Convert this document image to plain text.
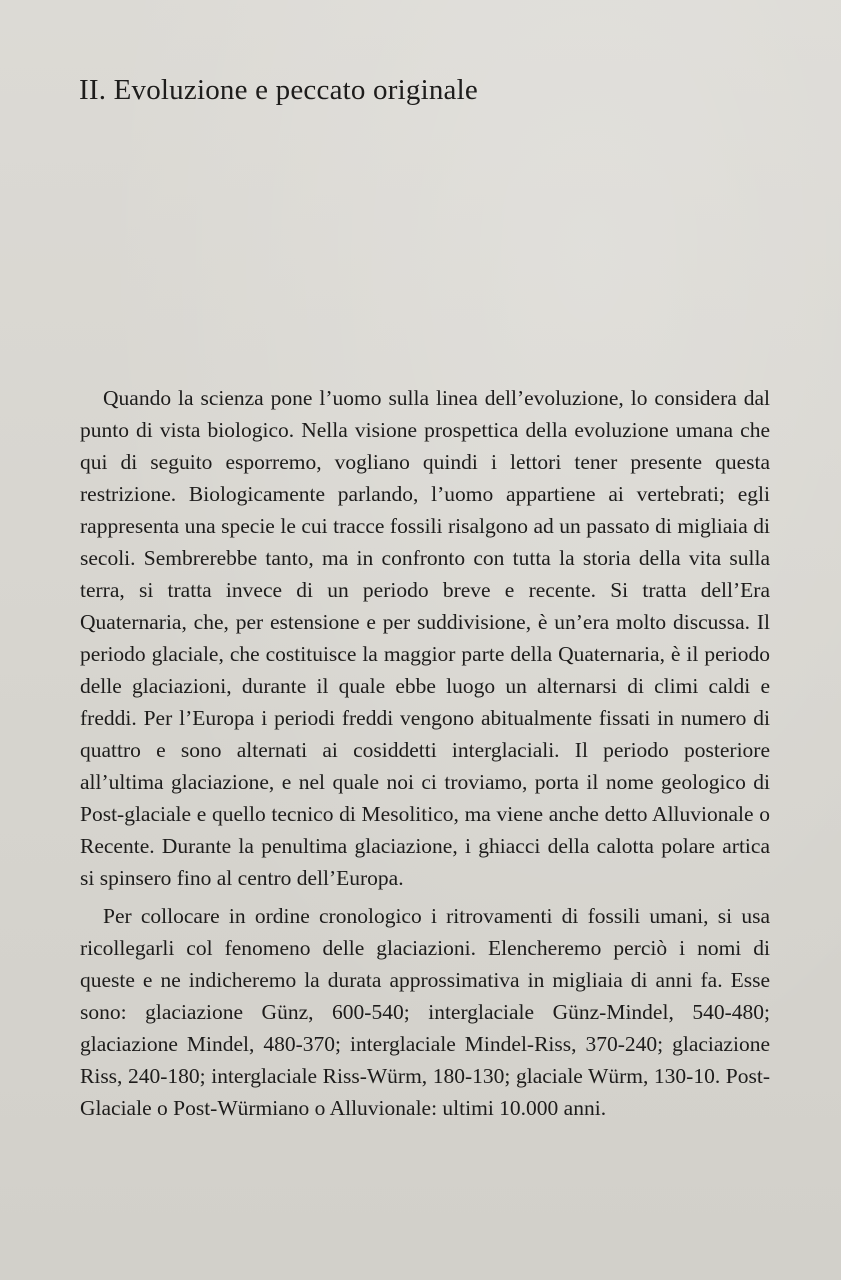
II. Evoluzione e peccato originale

Quando la scienza pone l’uomo sulla linea dell’evoluzione, lo considera dal punto di vista biologico. Nella visione prospettica della evoluzione umana che qui di seguito esporremo, vogliano quindi i lettori tener presente questa restrizione. Biologicamente parlando, l’uomo appartiene ai vertebrati; egli rappresenta una specie le cui tracce fossili risalgono ad un passato di migliaia di secoli. Sembrerebbe tanto, ma in confronto con tutta la storia della vita sulla terra, si tratta invece di un periodo breve e recente. Si tratta dell’Era Quaternaria, che, per estensione e per suddivisione, è un’era molto discussa. Il periodo glaciale, che costituisce la maggior parte della Quaternaria, è il periodo delle glaciazioni, durante il quale ebbe luogo un alternarsi di climi caldi e freddi. Per l’Europa i periodi freddi vengono abitualmente fissati in numero di quattro e sono alternati ai cosiddetti interglaciali. Il periodo posteriore all’ultima glaciazione, e nel quale noi ci troviamo, porta il nome geologico di Post-glaciale e quello tecnico di Mesolitico, ma viene anche detto Alluvionale o Recente. Durante la penultima glaciazione, i ghiacci della calotta polare artica si spinsero fino al centro dell’Europa.

Per collocare in ordine cronologico i ritrovamenti di fossili umani, si usa ricollegarli col fenomeno delle glaciazioni. Elencheremo perciò i nomi di queste e ne indicheremo la durata approssimativa in migliaia di anni fa. Esse sono: glaciazione Günz, 600-540; interglaciale Günz-Mindel, 540-480; glaciazione Mindel, 480-370; interglaciale Mindel-Riss, 370-240; glaciazione Riss, 240-180; interglaciale Riss-Würm, 180-130; glaciale Würm, 130-10. Post-Glaciale o Post-Würmiano o Alluvionale: ultimi 10.000 anni.
